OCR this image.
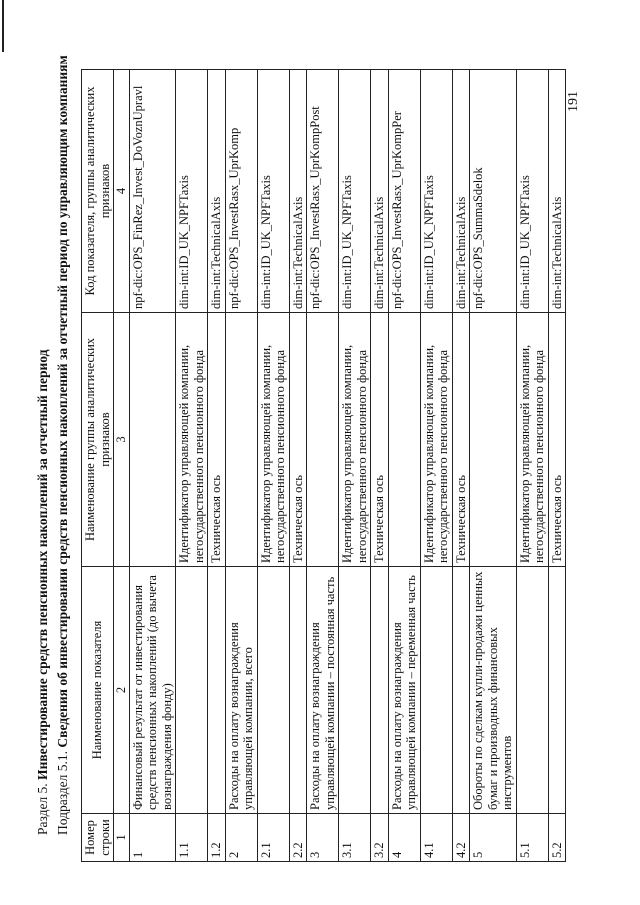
191
Раздел 5. Инвестирование средств пенсионных накоплений за отчетный период
Подраздел 5.1. Сведения об инвестировании средств пенсионных накоплений за отчетный период по управляющим компаниям
Номер строки	Наименование показателя	Наименование группы аналитических признаков	Код показателя, группы аналитических признаков
1	2	3	4
1	Финансовый результат от инвестирования средств пенсионных накоплений (до вычета вознаграждения фонду)		npf-dic:OPS_FinRez_Invest_DoVoznUpravl
1.1		Идентификатор управляющей компании, негосударственного пенсионного фонда	dim-int:ID_UK_NPFTaxis
1.2		Техническая ось	dim-int:TechnicalAxis
2	Расходы на оплату вознаграждения управляющей компании, всего		npf-dic:OPS_InvestRasx_UprKomp
2.1		Идентификатор управляющей компании, негосударственного пенсионного фонда	dim-int:ID_UK_NPFTaxis
2.2		Техническая ось	dim-int:TechnicalAxis
3	Расходы на оплату вознаграждения управляющей компании – постоянная часть		npf-dic:OPS_InvestRasx_UprKompPost
3.1		Идентификатор управляющей компании, негосударственного пенсионного фонда	dim-int:ID_UK_NPFTaxis
3.2		Техническая ось	dim-int:TechnicalAxis
4	Расходы на оплату вознаграждения управляющей компании – переменная часть		npf-dic:OPS_InvestRasx_UprKompPer
4.1		Идентификатор управляющей компании, негосударственного пенсионного фонда	dim-int:ID_UK_NPFTaxis
4.2		Техническая ось	dim-int:TechnicalAxis
5	Обороты по сделкам купли-продажи ценных бумаг и производных финансовых инструментов		npf-dic:OPS_SummaSdelok
5.1		Идентификатор управляющей компании, негосударственного пенсионного фонда	dim-int:ID_UK_NPFTaxis
5.2		Техническая ось	dim-int:TechnicalAxis
